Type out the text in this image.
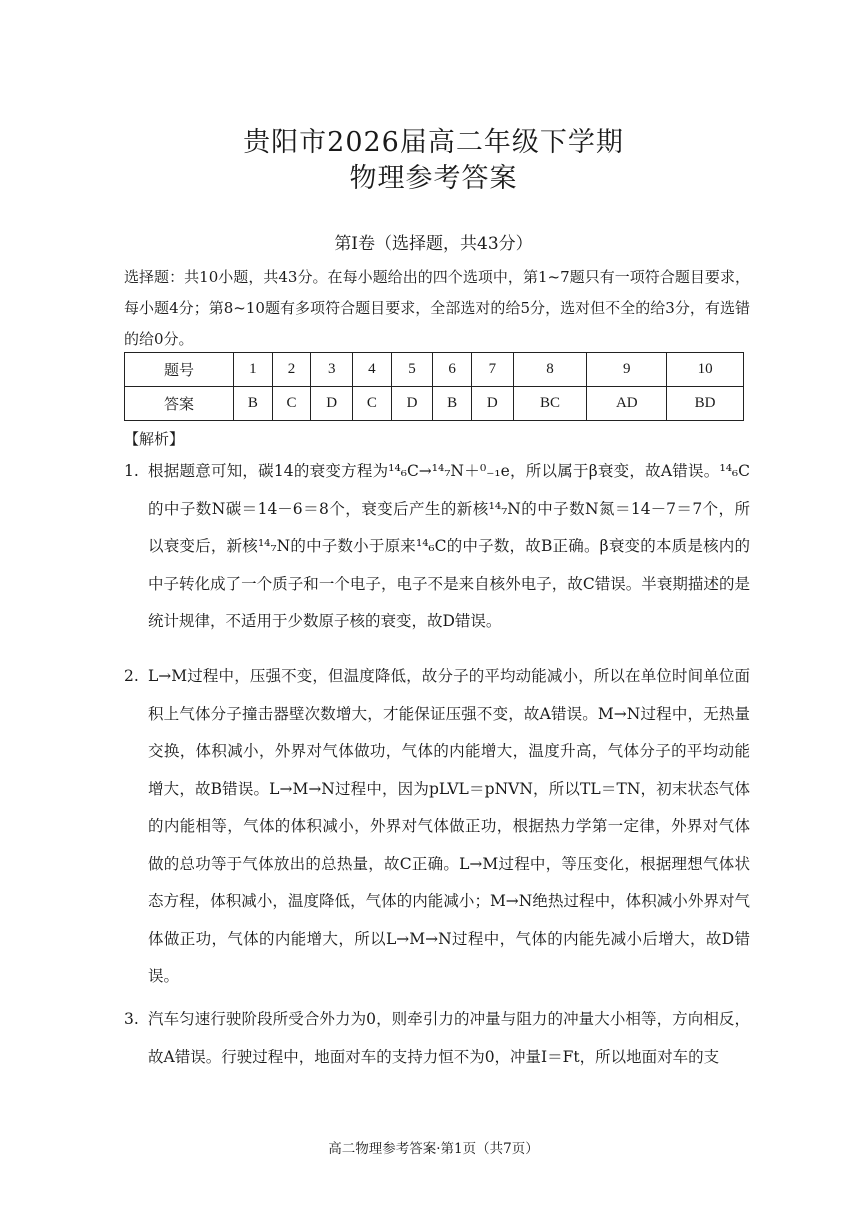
贵阳市2026届高二年级下学期
物理参考答案
第Ⅰ卷（选择题，共43分）
选择题：共10小题，共43分。在每小题给出的四个选项中，第1~7题只有一项符合题目要求，每小题4分；第8~10题有多项符合题目要求，全部选对的给5分，选对但不全的给3分，有选错的给0分。
题号	1	2	3	4	5	6	7	8	9	10
答案	B	C	D	C	D	B	D	BC	AD	BD
【解析】
1. 根据题意可知，碳14的衰变方程为¹⁴₆C→¹⁴₇N＋⁰₋₁e，所以属于β衰变，故A错误。¹⁴₆C的中子数N碳＝14－6＝8个，衰变后产生的新核¹⁴₇N的中子数N氮＝14－7＝7个，所以衰变后，新核¹⁴₇N的中子数小于原来¹⁴₆C的中子数，故B正确。β衰变的本质是核内的中子转化成了一个质子和一个电子，电子不是来自核外电子，故C错误。半衰期描述的是统计规律，不适用于少数原子核的衰变，故D错误。
2. L→M过程中，压强不变，但温度降低，故分子的平均动能减小，所以在单位时间单位面积上气体分子撞击器壁次数增大，才能保证压强不变，故A错误。M→N过程中，无热量交换，体积减小，外界对气体做功，气体的内能增大，温度升高，气体分子的平均动能增大，故B错误。L→M→N过程中，因为pLVL＝pNVN，所以TL＝TN，初末状态气体的内能相等，气体的体积减小，外界对气体做正功，根据热力学第一定律，外界对气体做的总功等于气体放出的总热量，故C正确。L→M过程中，等压变化，根据理想气体状态方程，体积减小，温度降低，气体的内能减小；M→N绝热过程中，体积减小外界对气体做正功，气体的内能增大，所以L→M→N过程中，气体的内能先减小后增大，故D错误。
3. 汽车匀速行驶阶段所受合外力为0，则牵引力的冲量与阻力的冲量大小相等，方向相反，故A错误。行驶过程中，地面对车的支持力恒不为0，冲量I＝Ft，所以地面对车的支
高二物理参考答案·第1页（共7页）
